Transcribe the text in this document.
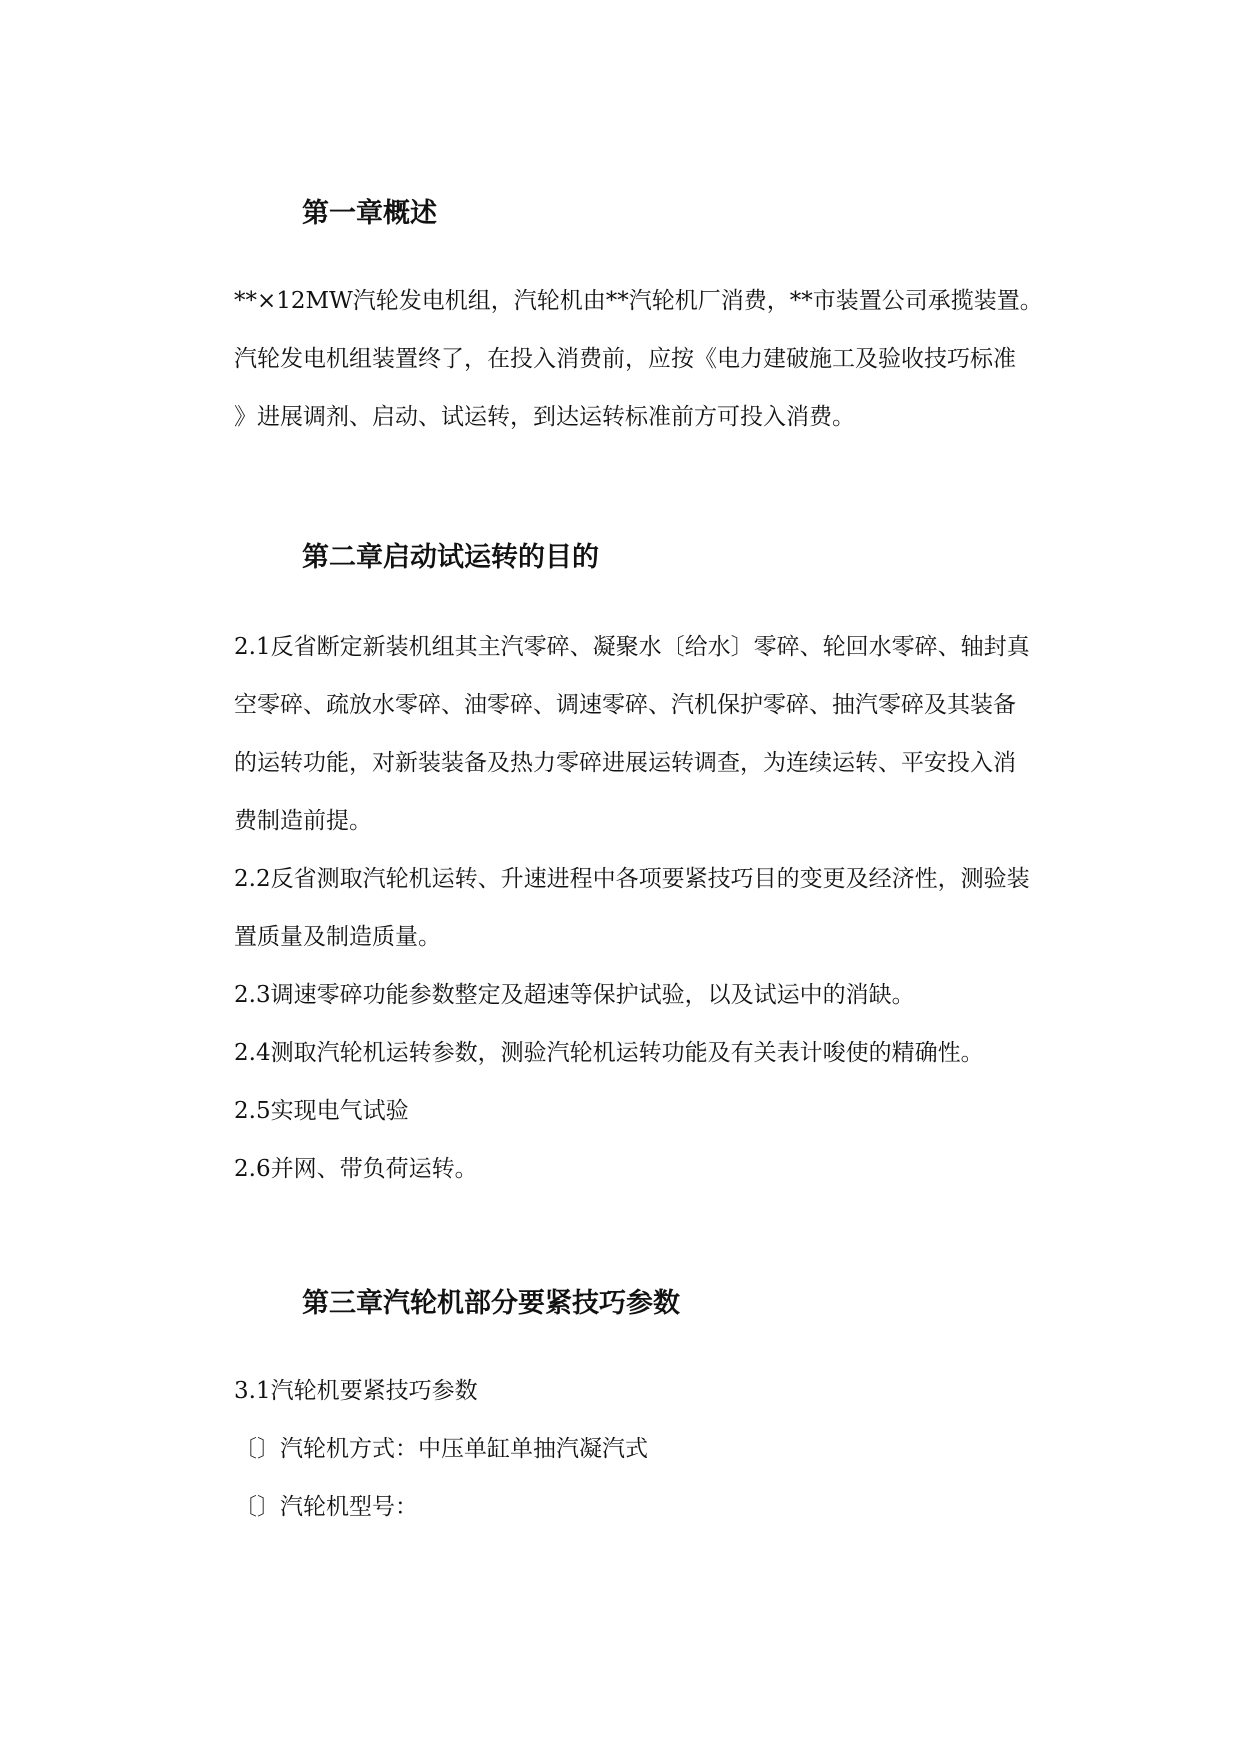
第一章概述
**×12MW汽轮发电机组，汽轮机由**汽轮机厂消费，**市装置公司承揽装置。
汽轮发电机组装置终了，在投入消费前，应按《电力建破施工及验收技巧标准
》进展调剂、启动、试运转，到达运转标准前方可投入消费。
第二章启动试运转的目的
2.1反省断定新装机组其主汽零碎、凝聚水〔给水〕零碎、轮回水零碎、轴封真
空零碎、疏放水零碎、油零碎、调速零碎、汽机保护零碎、抽汽零碎及其装备
的运转功能，对新装装备及热力零碎进展运转调查，为连续运转、平安投入消
费制造前提。
2.2反省测取汽轮机运转、升速进程中各项要紧技巧目的变更及经济性，测验装
置质量及制造质量。
2.3调速零碎功能参数整定及超速等保护试验，以及试运中的消缺。
2.4测取汽轮机运转参数，测验汽轮机运转功能及有关表计唆使的精确性。
2.5实现电气试验
2.6并网、带负荷运转。
第三章汽轮机部分要紧技巧参数
3.1汽轮机要紧技巧参数
〔〕汽轮机方式：中压单缸单抽汽凝汽式
〔〕汽轮机型号：
